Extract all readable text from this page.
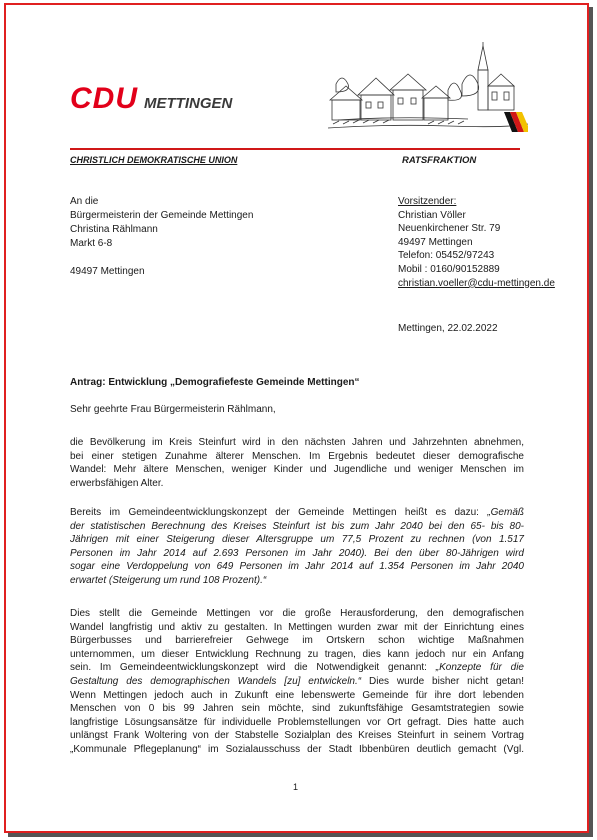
CDU METTINGEN
CHRISTLICH DEMOKRATISCHE UNION	RATSFRAKTION
An die
Bürgermeisterin der Gemeinde Mettingen
Christina Rählmann
Markt 6-8
49497 Mettingen
Vorsitzender:
Christian Völler
Neuenkirchener Str. 79
49497 Mettingen
Telefon: 05452/97243
Mobil : 0160/90152889
christian.voeller@cdu-mettingen.de
Mettingen, 22.02.2022
Antrag: Entwicklung „Demografiefeste Gemeinde Mettingen“
Sehr geehrte Frau Bürgermeisterin Rählmann,
die Bevölkerung im Kreis Steinfurt wird in den nächsten Jahren und Jahrzehnten abnehmen,
bei einer stetigen Zunahme älterer Menschen. Im Ergebnis bedeutet dieser demografische
Wandel: Mehr ältere Menschen, weniger Kinder und Jugendliche und weniger Menschen im
erwerbsfähigen Alter.
Bereits im Gemeindeentwicklungskonzept der Gemeinde Mettingen heißt es dazu: „Gemäß
der statistischen Berechnung des Kreises Steinfurt ist bis zum Jahr 2040 bei den 65- bis 80-
Jährigen mit einer Steigerung dieser Altersgruppe um 77,5 Prozent zu rechnen (von 1.517
Personen im Jahr 2014 auf 2.693 Personen im Jahr 2040). Bei den über 80-Jährigen wird
sogar eine Verdoppelung von 649 Personen im Jahr 2014 auf 1.354 Personen im Jahr 2040
erwartet (Steigerung um rund 108 Prozent).“
Dies stellt die Gemeinde Mettingen vor die große Herausforderung, den demografischen
Wandel langfristig und aktiv zu gestalten. In Mettingen wurden zwar mit der Einrichtung eines
Bürgerbusses und barrierefreier Gehwege im Ortskern schon wichtige Maßnahmen
unternommen, um dieser Entwicklung Rechnung zu tragen, dies kann jedoch nur ein Anfang
sein. Im Gemeindeentwicklungskonzept wird die Notwendigkeit genannt: „Konzepte für die
Gestaltung des demographischen Wandels [zu] entwickeln.“ Dies wurde bisher nicht getan!
Wenn Mettingen jedoch auch in Zukunft eine lebenswerte Gemeinde für ihre dort lebenden
Menschen von 0 bis 99 Jahren sein möchte, sind zukunftsfähige Gesamtstrategien sowie
langfristige Lösungsansätze für individuelle Problemstellungen vor Ort gefragt. Dies hatte auch
unlängst Frank Woltering von der Stabstelle Sozialplan des Kreises Steinfurt in seinem Vortrag
„Kommunale Pflegeplanung“ im Sozialausschuss der Stadt Ibbenbüren deutlich gemacht (Vgl.
1
